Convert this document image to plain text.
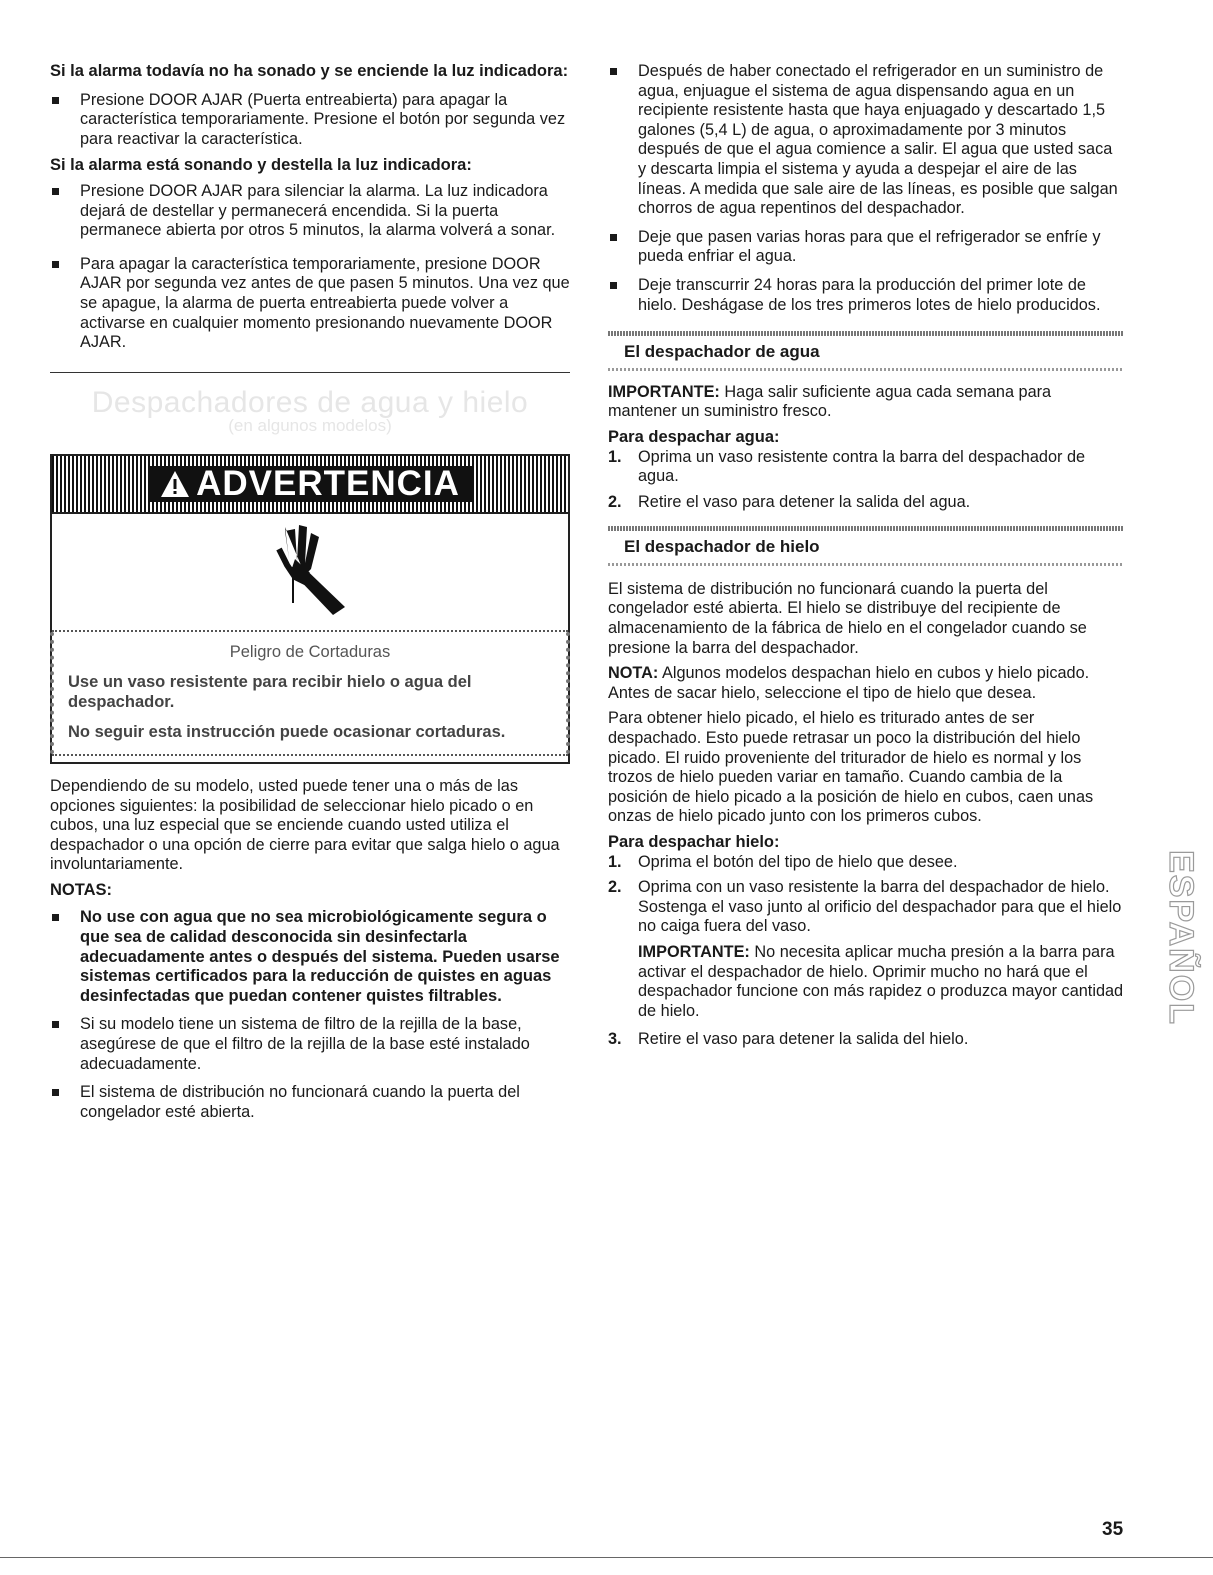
Si la alarma todavía no ha sonado y se enciende la luz indicadora:

Presione DOOR AJAR (Puerta entreabierta) para apagar la característica temporariamente. Presione el botón por segunda vez para reactivar la característica.

Si la alarma está sonando y destella la luz indicadora:

Presione DOOR AJAR para silenciar la alarma. La luz indicadora dejará de destellar y permanecerá encendida. Si la puerta permanece abierta por otros 5 minutos, la alarma volverá a sonar.

Para apagar la característica temporariamente, presione DOOR AJAR por segunda vez antes de que pasen 5 minutos. Una vez que se apague, la alarma de puerta entreabierta puede volver a activarse en cualquier momento presionando nuevamente DOOR AJAR.

Despachadores de agua y hielo
(en algunos modelos)
ADVERTENCIA

Peligro de Cortaduras

Use un vaso resistente para recibir hielo o agua del despachador.

No seguir esta instrucción puede ocasionar cortaduras.

Dependiendo de su modelo, usted puede tener una o más de las opciones siguientes: la posibilidad de seleccionar hielo picado o en cubos, una luz especial que se enciende cuando usted utiliza el despachador o una opción de cierre para evitar que salga hielo o agua involuntariamente.

NOTAS:

No use con agua que no sea microbiológicamente segura o que sea de calidad desconocida sin desinfectarla adecuadamente antes o después del sistema. Pueden usarse sistemas certificados para la reducción de quistes en aguas desinfectadas que puedan contener quistes filtrables.

Si su modelo tiene un sistema de filtro de la rejilla de la base, asegúrese de que el filtro de la rejilla de la base esté instalado adecuadamente.

El sistema de distribución no funcionará cuando la puerta del congelador esté abierta.

Después de haber conectado el refrigerador en un suministro de agua, enjuague el sistema de agua dispensando agua en un recipiente resistente hasta que haya enjuagado y descartado 1,5 galones (5,4 L) de agua, o aproximadamente por 3 minutos después de que el agua comience a salir. El agua que usted saca y descarta limpia el sistema y ayuda a despejar el aire de las líneas. A medida que sale aire de las líneas, es posible que salgan chorros de agua repentinos del despachador.

Deje que pasen varias horas para que el refrigerador se enfríe y pueda enfriar el agua.

Deje transcurrir 24 horas para la producción del primer lote de hielo. Deshágase de los tres primeros lotes de hielo producidos.

El despachador de agua

IMPORTANTE: Haga salir suficiente agua cada semana para mantener un suministro fresco.

Para despachar agua:

1. Oprima un vaso resistente contra la barra del despachador de agua.

2. Retire el vaso para detener la salida del agua.

El despachador de hielo

El sistema de distribución no funcionará cuando la puerta del congelador esté abierta. El hielo se distribuye del recipiente de almacenamiento de la fábrica de hielo en el congelador cuando se presione la barra del despachador.

NOTA: Algunos modelos despachan hielo en cubos y hielo picado. Antes de sacar hielo, seleccione el tipo de hielo que desea.

Para obtener hielo picado, el hielo es triturado antes de ser despachado. Esto puede retrasar un poco la distribución del hielo picado. El ruido proveniente del triturador de hielo es normal y los trozos de hielo pueden variar en tamaño. Cuando cambia de la posición de hielo picado a la posición de hielo en cubos, caen unas onzas de hielo picado junto con los primeros cubos.

Para despachar hielo:

1. Oprima el botón del tipo de hielo que desee.

2. Oprima con un vaso resistente la barra del despachador de hielo. Sostenga el vaso junto al orificio del despachador para que el hielo no caiga fuera del vaso.

IMPORTANTE: No necesita aplicar mucha presión a la barra para activar el despachador de hielo. Oprimir mucho no hará que el despachador funcione con más rapidez o produzca mayor cantidad de hielo.

3. Retire el vaso para detener la salida del hielo.

ESPAÑOL
35
